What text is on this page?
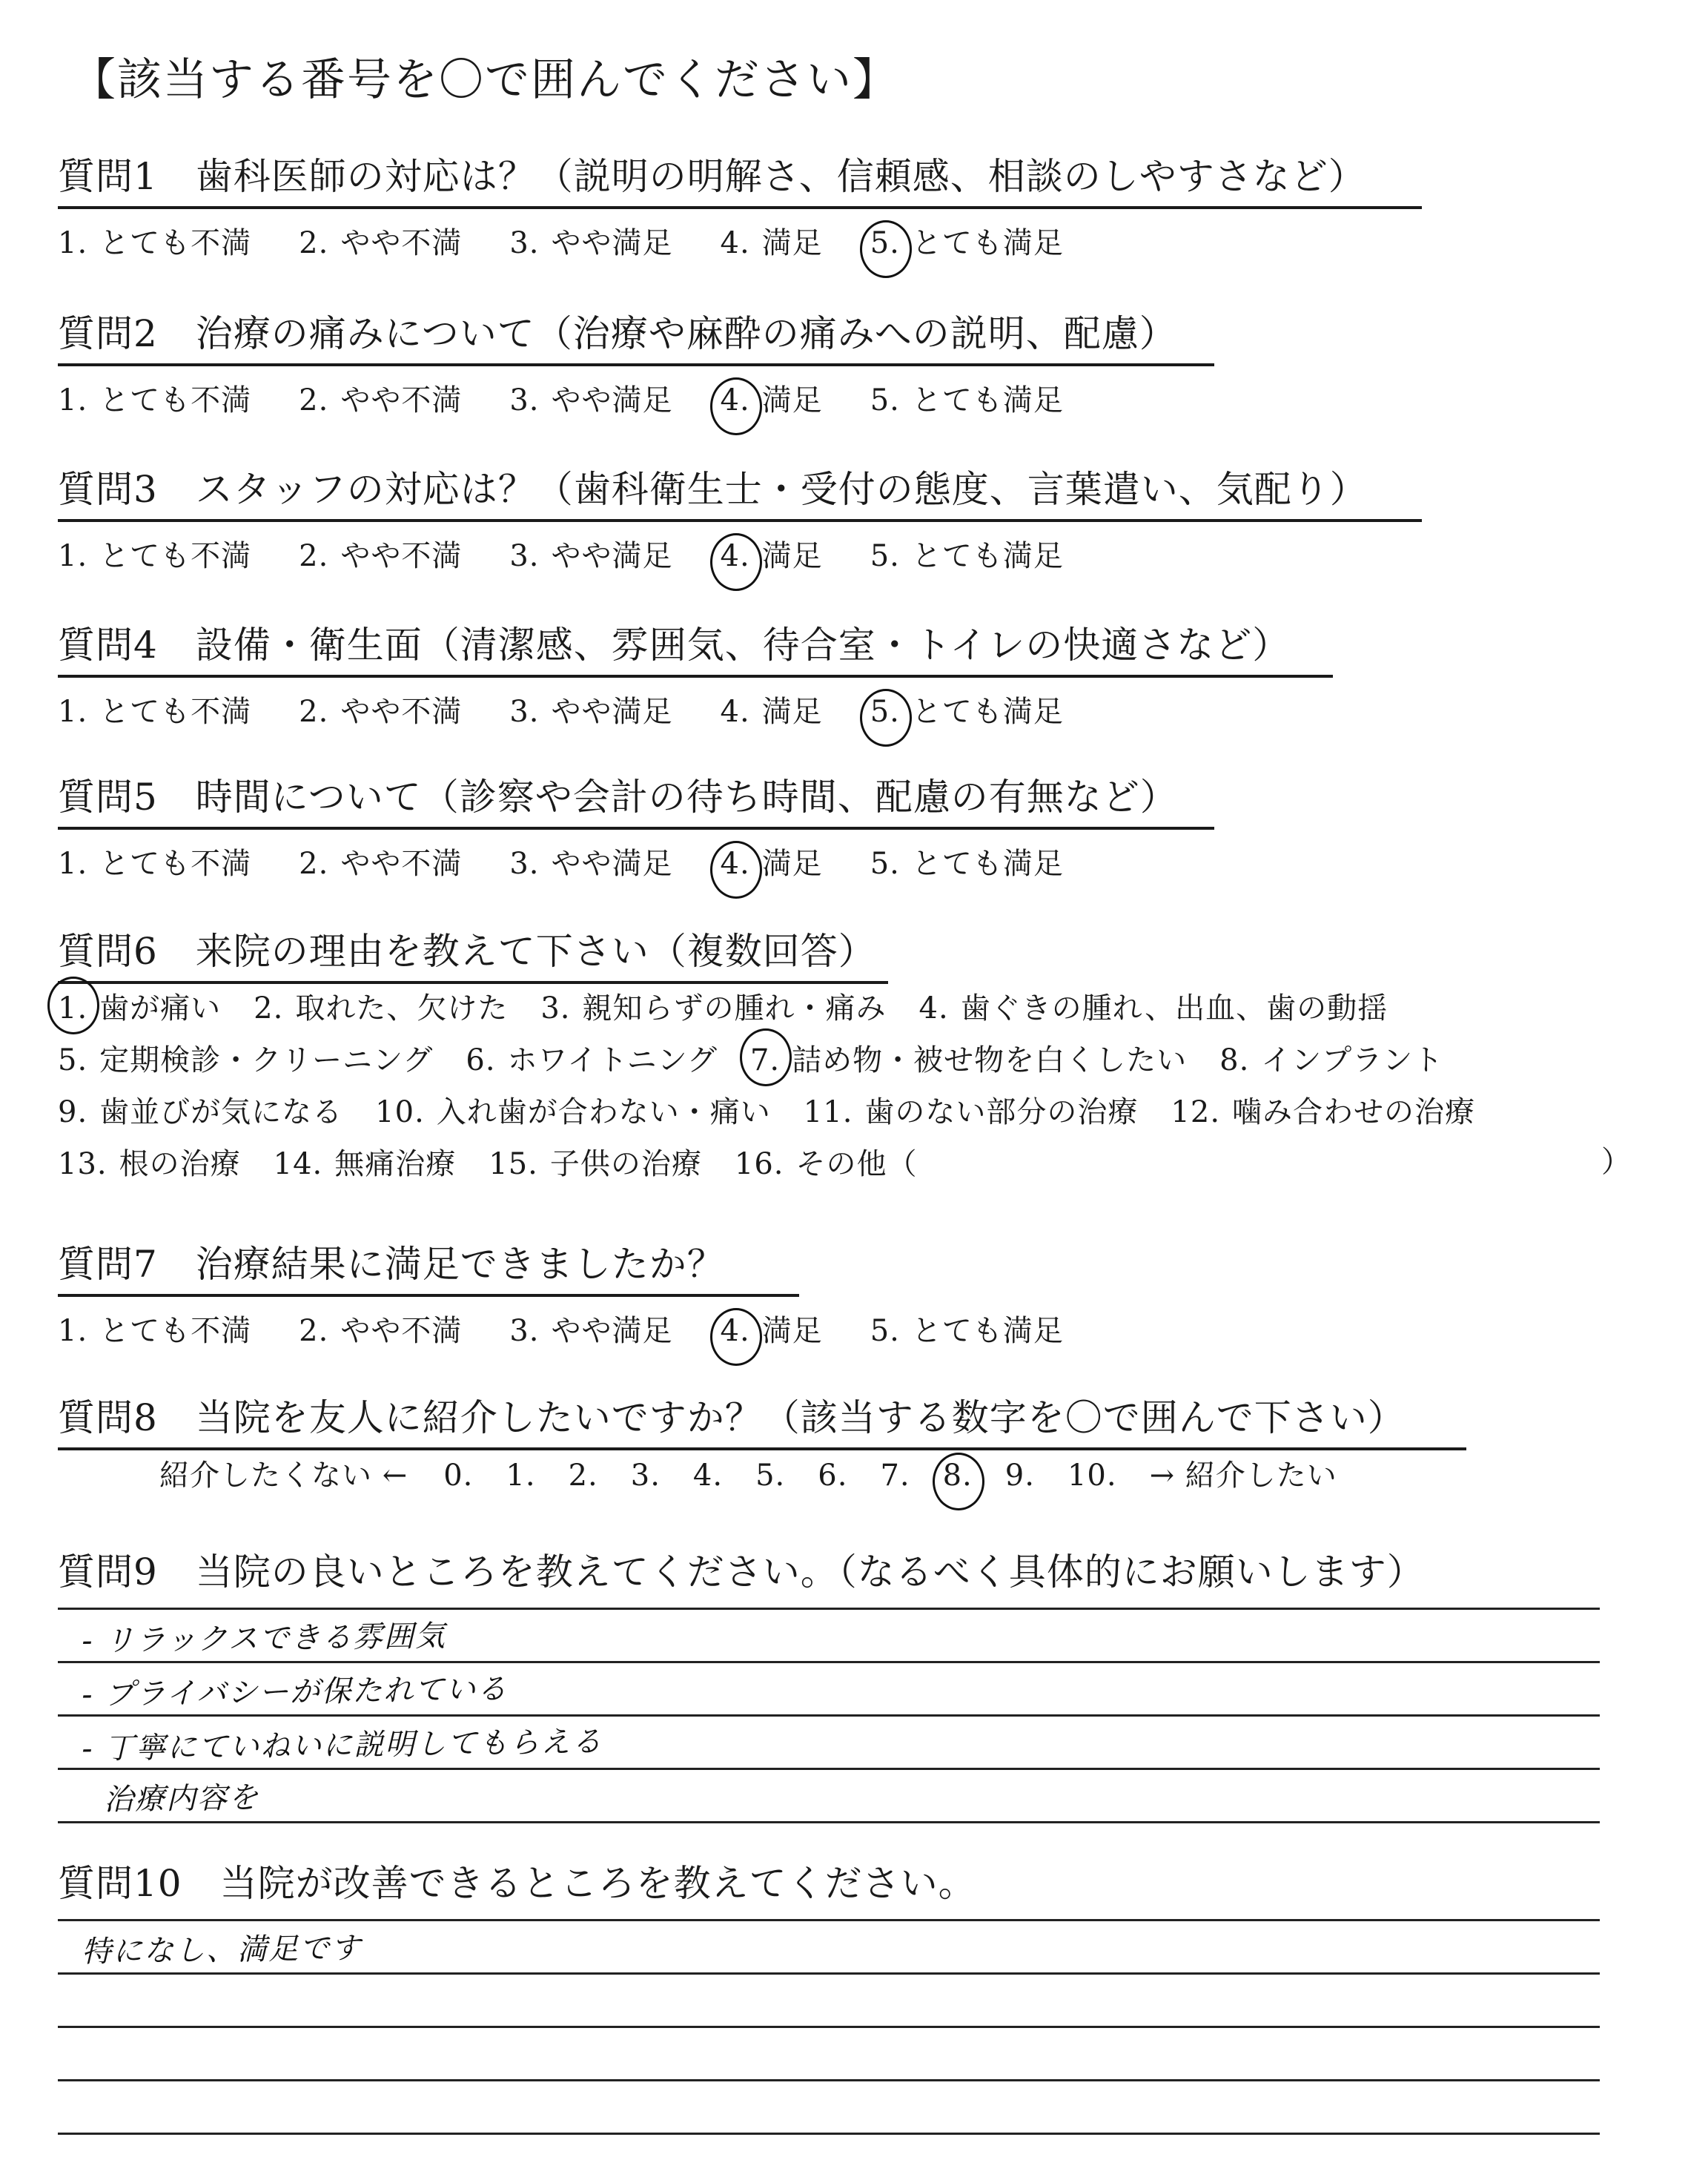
【該当する番号を〇で囲んでください】
質問1　歯科医師の対応は？（説明の明解さ、信頼感、相談のしやすさなど）
1. とても不満 2. やや不満 3. やや満足 4. 満足 5. とても満足
質問2　治療の痛みについて（治療や麻酔の痛みへの説明、配慮）
1. とても不満 2. やや不満 3. やや満足 4. 満足 5. とても満足
質問3　スタッフの対応は？（歯科衛生士・受付の態度、言葉遣い、気配り）
1. とても不満 2. やや不満 3. やや満足 4. 満足 5. とても満足
質問4　設備・衛生面（清潔感、雰囲気、待合室・トイレの快適さなど）
1. とても不満 2. やや不満 3. やや満足 4. 満足 5. とても満足
質問5　時間について（診察や会計の待ち時間、配慮の有無など）
1. とても不満 2. やや不満 3. やや満足 4. 満足 5. とても満足
質問6　来院の理由を教えて下さい（複数回答）
1. 歯が痛い 2. 取れた、欠けた 3. 親知らずの腫れ・痛み 4. 歯ぐきの腫れ、出血、歯の動揺
5. 定期検診・クリーニング 6. ホワイトニング 7. 詰め物・被せ物を白くしたい 8. インプラント
9. 歯並びが気になる 10. 入れ歯が合わない・痛い 11. 歯のない部分の治療 12. 噛み合わせの治療
13. 根の治療 14. 無痛治療 15. 子供の治療 16. その他（	）
質問7　治療結果に満足できましたか？
1. とても不満 2. やや不満 3. やや満足 4. 満足 5. とても満足
質問8　当院を友人に紹介したいですか？（該当する数字を〇で囲んで下さい）
紹介したくない ← 0. 1. 2. 3. 4. 5. 6. 7. 8. 9. 10. → 紹介したい
質問9　当院の良いところを教えてください。（なるべく具体的にお願いします）
- リラックスできる雰囲気
- プライバシーが保たれている
- 丁寧にていねいに説明してもらえる
治療内容を
質問10　当院が改善できるところを教えてください。
特になし、満足です
